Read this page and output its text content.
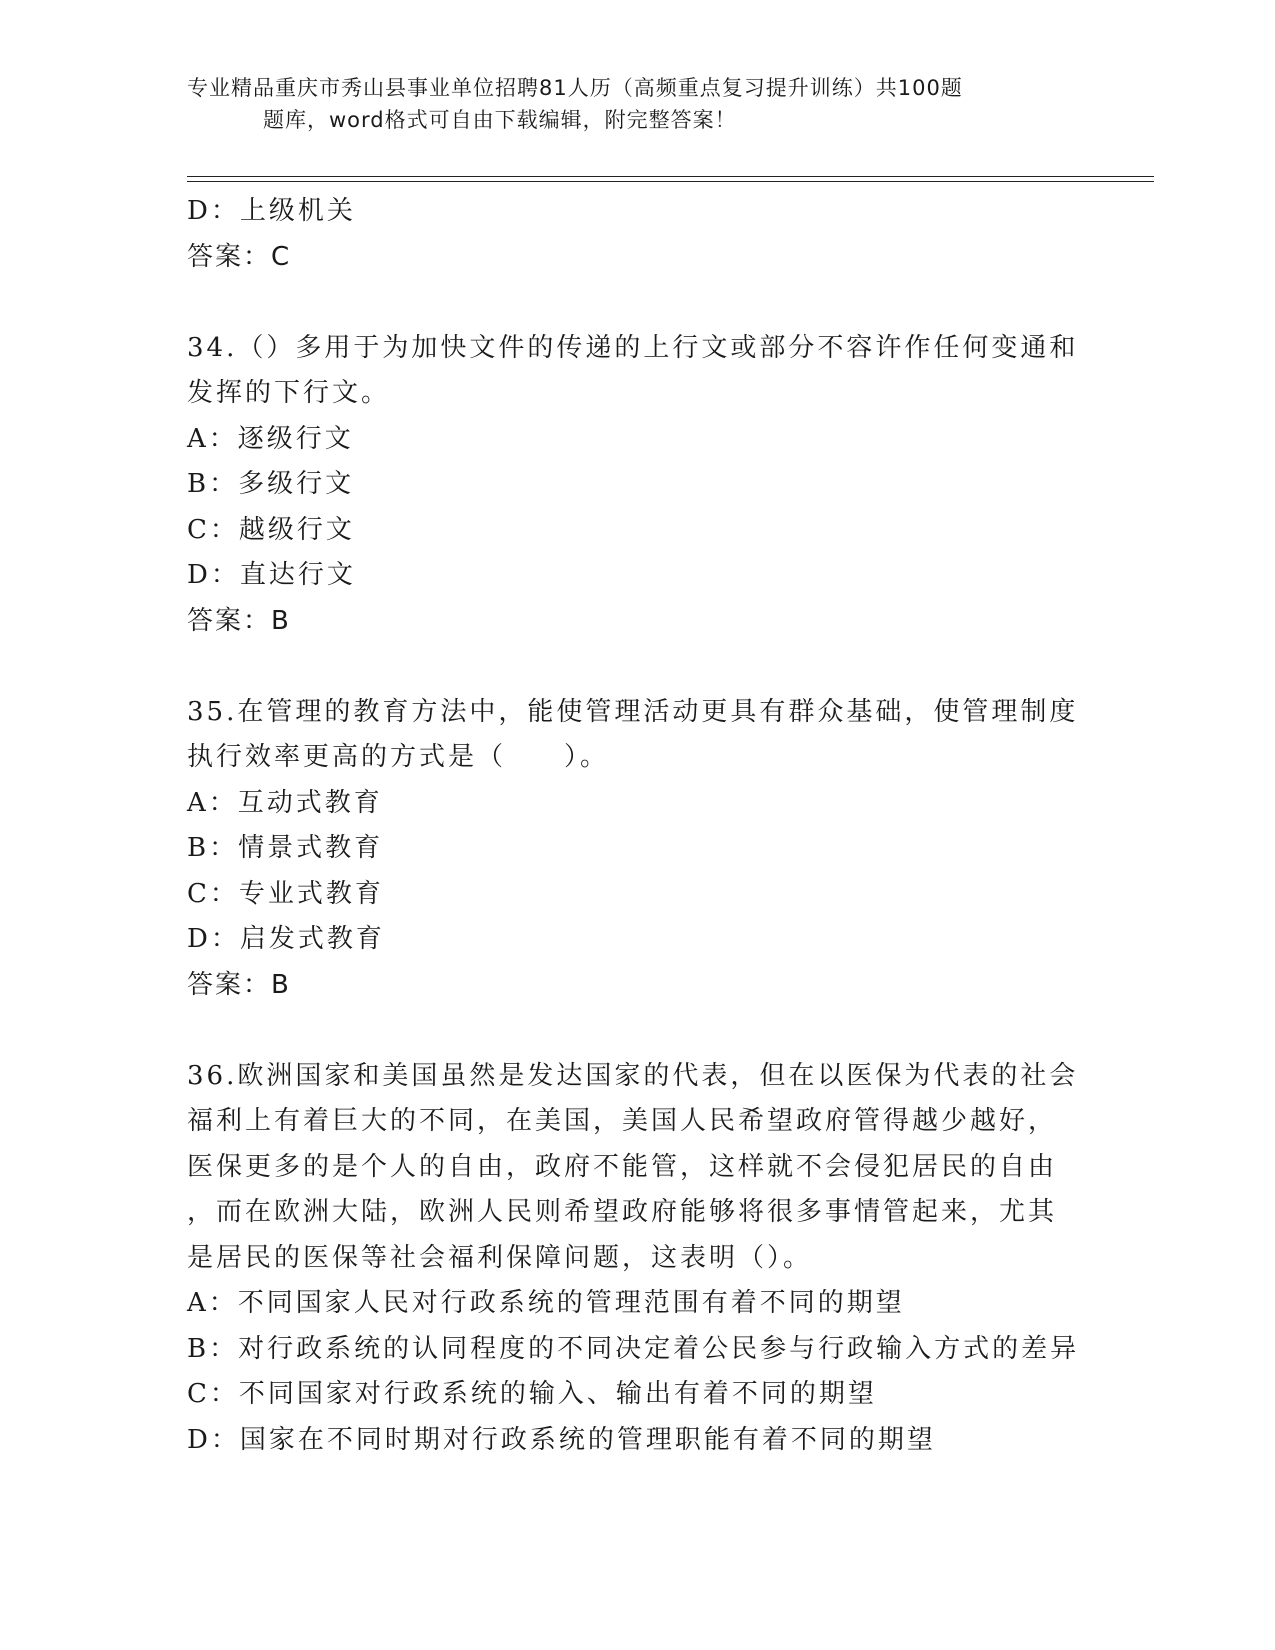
专业精品重庆市秀山县事业单位招聘81人历（高频重点复习提升训练）共100题
题库，word格式可自由下载编辑，附完整答案！
D：上级机关
答案：C
34.（）多用于为加快文件的传递的上行文或部分不容许作任何变通和
发挥的下行文。
A：逐级行文
B：多级行文
C：越级行文
D：直达行文
答案：B
35.在管理的教育方法中，能使管理活动更具有群众基础，使管理制度
执行效率更高的方式是（　　）。
A：互动式教育
B：情景式教育
C：专业式教育
D：启发式教育
答案：B
36.欧洲国家和美国虽然是发达国家的代表，但在以医保为代表的社会
福利上有着巨大的不同，在美国，美国人民希望政府管得越少越好，
医保更多的是个人的自由，政府不能管，这样就不会侵犯居民的自由
，而在欧洲大陆，欧洲人民则希望政府能够将很多事情管起来，尤其
是居民的医保等社会福利保障问题，这表明（）。
A：不同国家人民对行政系统的管理范围有着不同的期望
B：对行政系统的认同程度的不同决定着公民参与行政输入方式的差异
C：不同国家对行政系统的输入、输出有着不同的期望
D：国家在不同时期对行政系统的管理职能有着不同的期望
